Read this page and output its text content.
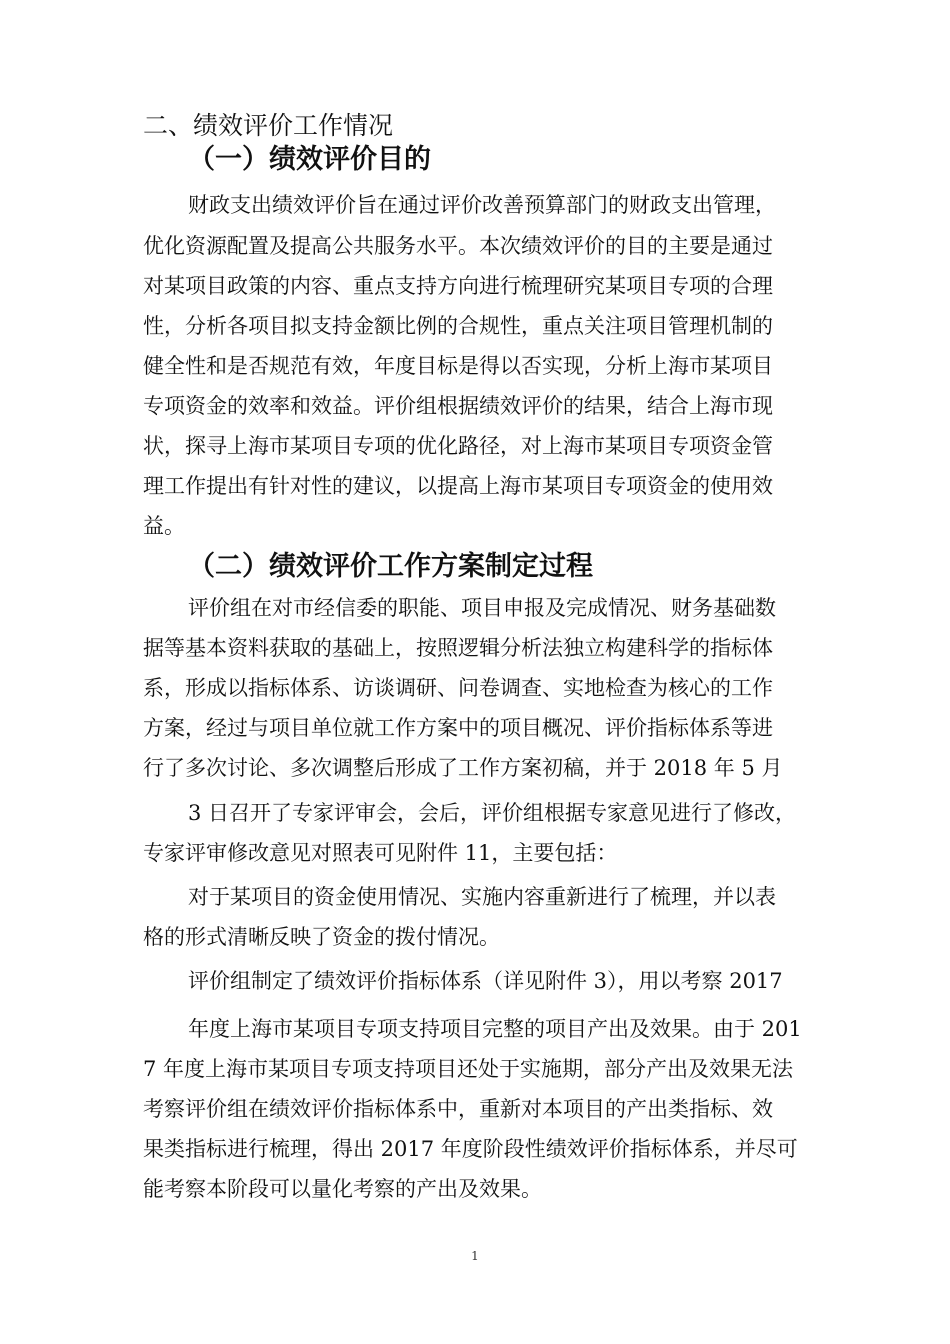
二、绩效评价工作情况
（一）绩效评价目的

财政支出绩效评价旨在通过评价改善预算部门的财政支出管理，

优化资源配置及提高公共服务水平。本次绩效评价的目的主要是通过

对某项目政策的内容、重点支持方向进行梳理研究某项目专项的合理

性，分析各项目拟支持金额比例的合规性，重点关注项目管理机制的

健全性和是否规范有效，年度目标是得以否实现，分析上海市某项目

专项资金的效率和效益。评价组根据绩效评价的结果，结合上海市现

状，探寻上海市某项目专项的优化路径，对上海市某项目专项资金管

理工作提出有针对性的建议，以提高上海市某项目专项资金的使用效

益。

（二）绩效评价工作方案制定过程

评价组在对市经信委的职能、项目申报及完成情况、财务基础数

据等基本资料获取的基础上，按照逻辑分析法独立构建科学的指标体

系，形成以指标体系、访谈调研、问卷调查、实地检查为核心的工作

方案，经过与项目单位就工作方案中的项目概况、评价指标体系等进

行了多次讨论、多次调整后形成了工作方案初稿，并于 2018 年 5 月

3 日召开了专家评审会，会后，评价组根据专家意见进行了修改，

专家评审修改意见对照表可见附件 11，主要包括：

对于某项目的资金使用情况、实施内容重新进行了梳理，并以表

格的形式清晰反映了资金的拨付情况。

评价组制定了绩效评价指标体系（详见附件 3），用以考察 2017

年度上海市某项目专项支持项目完整的项目产出及效果。由于 201

7 年度上海市某项目专项支持项目还处于实施期，部分产出及效果无法

考察评价组在绩效评价指标体系中，重新对本项目的产出类指标、效

果类指标进行梳理，得出 2017 年度阶段性绩效评价指标体系，并尽可

能考察本阶段可以量化考察的产出及效果。

1
